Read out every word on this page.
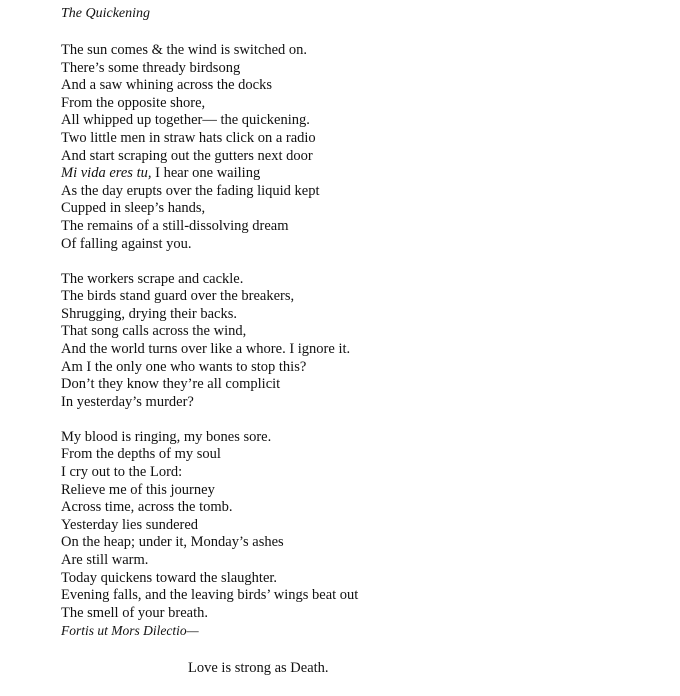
The Quickening
The sun comes & the wind is switched on.
There’s some thready birdsong
And a saw whining across the docks
From the opposite shore,
All whipped up together— the quickening.
Two little men in straw hats click on a radio
And start scraping out the gutters next door
Mi vida eres tu, I hear one wailing
As the day erupts over the fading liquid kept
Cupped in sleep’s hands,
The remains of a still-dissolving dream
Of falling against you.
The workers scrape and cackle.
The birds stand guard over the breakers,
Shrugging, drying their backs.
That song calls across the wind,
And the world turns over like a whore. I ignore it.
Am I the only one who wants to stop this?
Don’t they know they’re all complicit
In yesterday’s murder?
My blood is ringing, my bones sore.
From the depths of my soul
I cry out to the Lord:
Relieve me of this journey
Across time, across the tomb.
Yesterday lies sundered
On the heap; under it, Monday’s ashes
Are still warm.
Today quickens toward the slaughter.
Evening falls, and the leaving birds’ wings beat out
The smell of your breath.
Fortis ut Mors Dilectio—
Love is strong as Death.
